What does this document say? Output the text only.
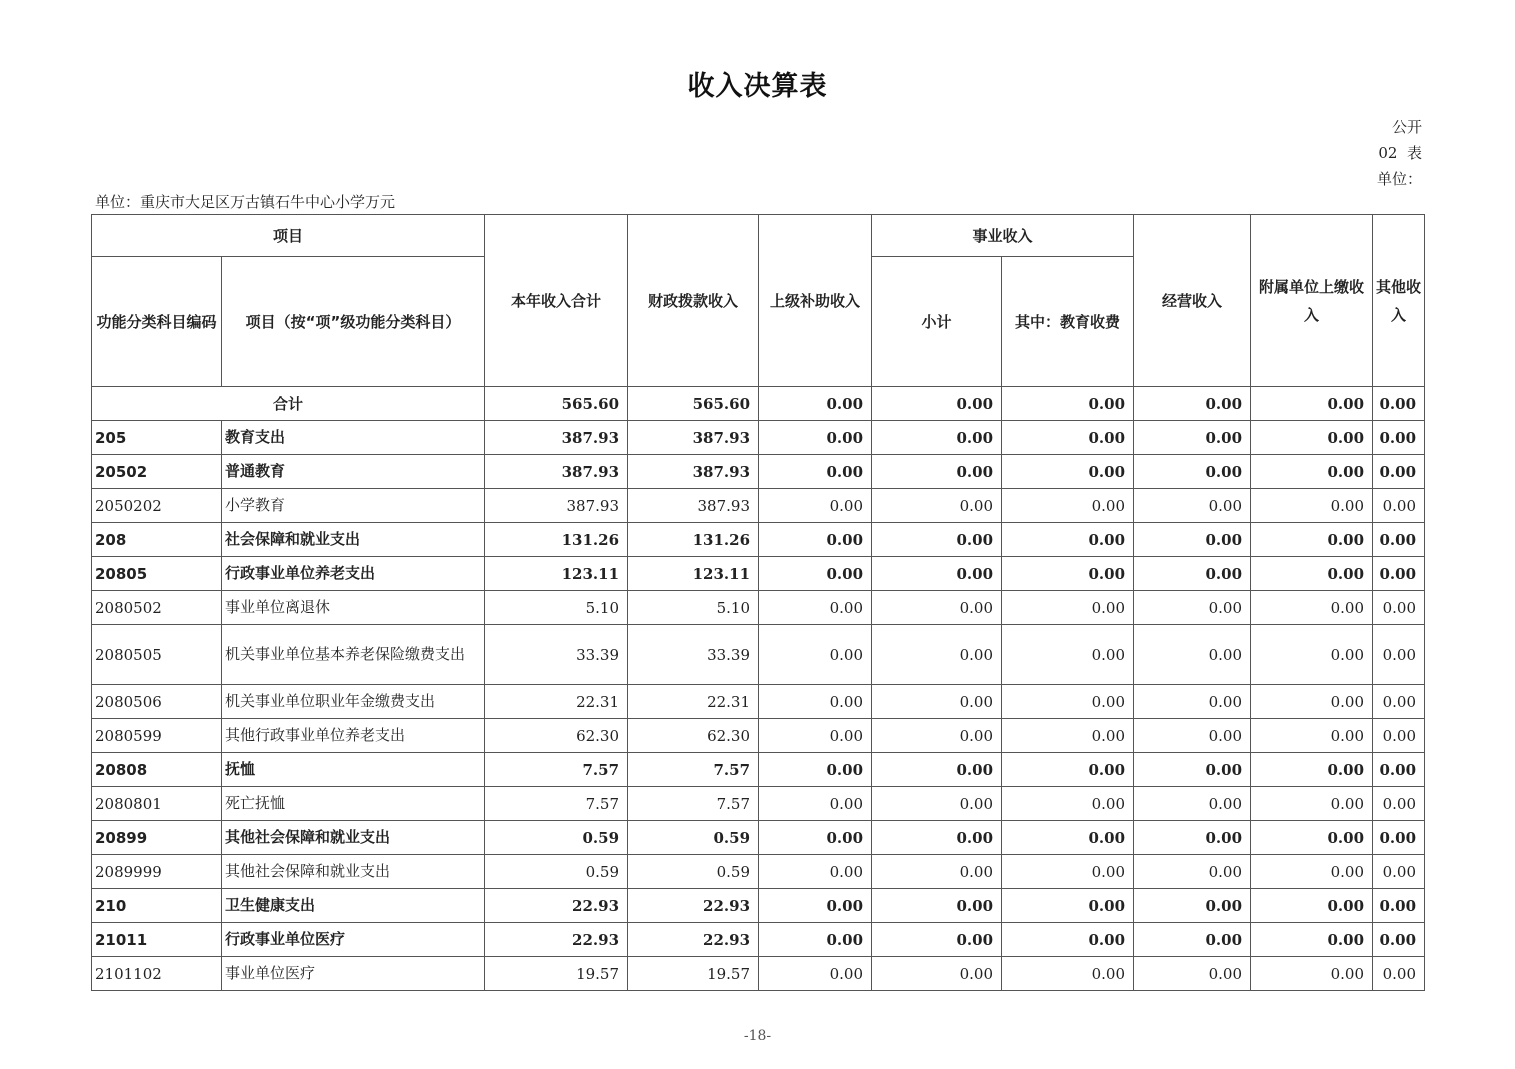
收入决算表
公开
02  表
单位：
单位：重庆市大足区万古镇石牛中心小学万元
项目		本年收入合计	财政拨款收入	上级补助收入	事业收入		经营收入	附属单位上缴收入	其他收入
功能分类科目编码	项目（按“项”级功能分类科目）				小计	其中：教育收费			
合计		565.60	565.60	0.00	0.00	0.00	0.00	0.00	0.00
205	教育支出	387.93	387.93	0.00	0.00	0.00	0.00	0.00	0.00
20502	普通教育	387.93	387.93	0.00	0.00	0.00	0.00	0.00	0.00
2050202	小学教育	387.93	387.93	0.00	0.00	0.00	0.00	0.00	0.00
208	社会保障和就业支出	131.26	131.26	0.00	0.00	0.00	0.00	0.00	0.00
20805	行政事业单位养老支出	123.11	123.11	0.00	0.00	0.00	0.00	0.00	0.00
2080502	事业单位离退休	5.10	5.10	0.00	0.00	0.00	0.00	0.00	0.00
2080505	机关事业单位基本养老保险缴费支出	33.39	33.39	0.00	0.00	0.00	0.00	0.00	0.00
2080506	机关事业单位职业年金缴费支出	22.31	22.31	0.00	0.00	0.00	0.00	0.00	0.00
2080599	其他行政事业单位养老支出	62.30	62.30	0.00	0.00	0.00	0.00	0.00	0.00
20808	抚恤	7.57	7.57	0.00	0.00	0.00	0.00	0.00	0.00
2080801	死亡抚恤	7.57	7.57	0.00	0.00	0.00	0.00	0.00	0.00
20899	其他社会保障和就业支出	0.59	0.59	0.00	0.00	0.00	0.00	0.00	0.00
2089999	其他社会保障和就业支出	0.59	0.59	0.00	0.00	0.00	0.00	0.00	0.00
210	卫生健康支出	22.93	22.93	0.00	0.00	0.00	0.00	0.00	0.00
21011	行政事业单位医疗	22.93	22.93	0.00	0.00	0.00	0.00	0.00	0.00
2101102	事业单位医疗	19.57	19.57	0.00	0.00	0.00	0.00	0.00	0.00
-18-
